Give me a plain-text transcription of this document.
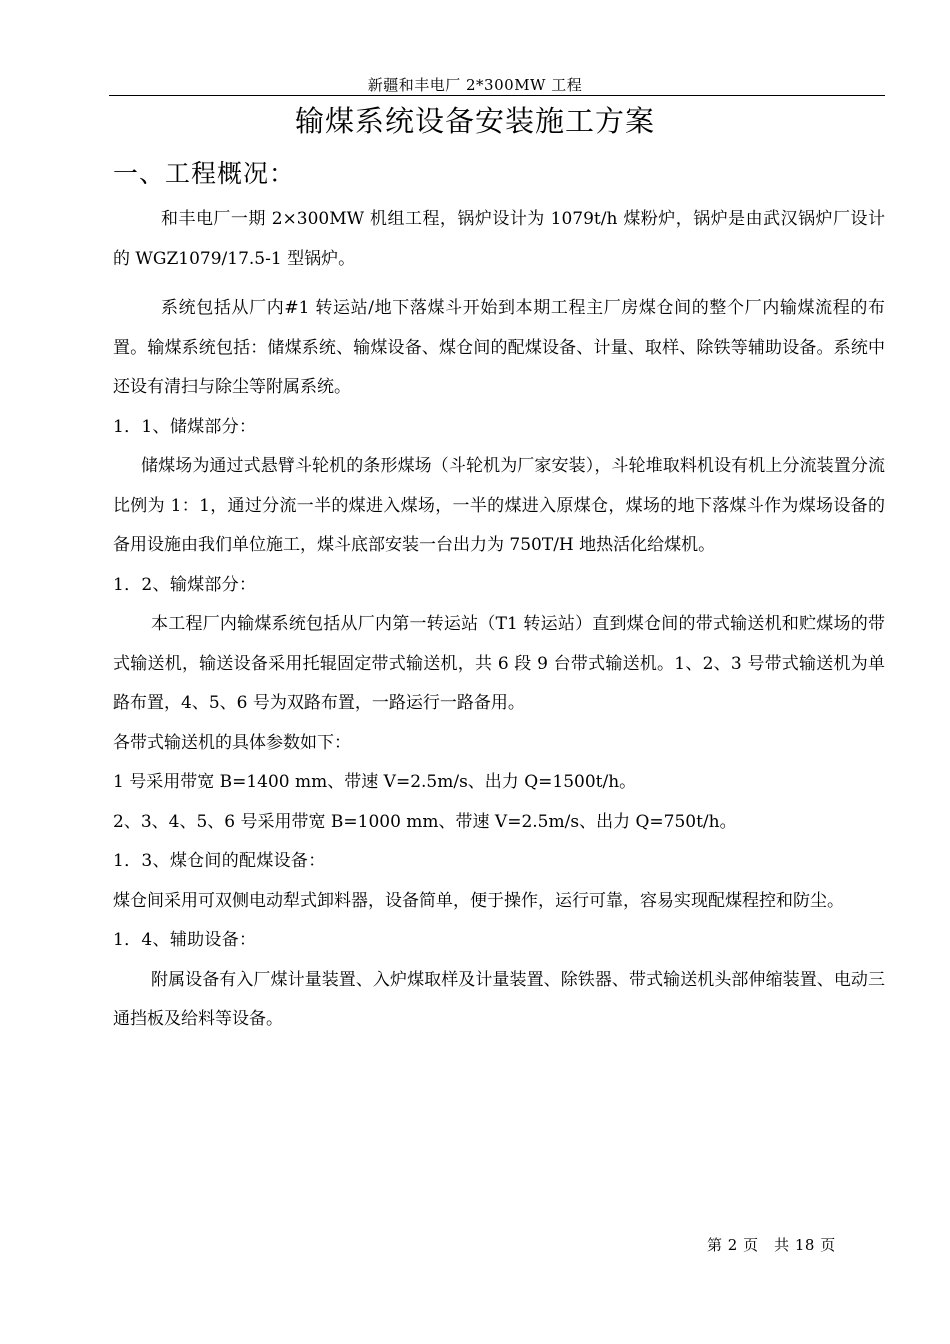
新疆和丰电厂 2*300MW 工程
输煤系统设备安装施工方案
一、工程概况：

和丰电厂一期 2×300MW 机组工程，锅炉设计为 1079t/h 煤粉炉，锅炉是由武汉锅炉厂设计的 WGZ1079/17.5-1 型锅炉。

系统包括从厂内#1 转运站/地下落煤斗开始到本期工程主厂房煤仓间的整个厂内输煤流程的布置。输煤系统包括：储煤系统、输煤设备、煤仓间的配煤设备、计量、取样、除铁等辅助设备。系统中还设有清扫与除尘等附属系统。

1．1、储煤部分：

储煤场为通过式悬臂斗轮机的条形煤场（斗轮机为厂家安装），斗轮堆取料机设有机上分流装置分流比例为 1：1，通过分流一半的煤进入煤场，一半的煤进入原煤仓，煤场的地下落煤斗作为煤场设备的备用设施由我们单位施工，煤斗底部安装一台出力为 750T/H 地热活化给煤机。

1．2、输煤部分：

本工程厂内输煤系统包括从厂内第一转运站（T1 转运站）直到煤仓间的带式输送机和贮煤场的带式输送机，输送设备采用托辊固定带式输送机，共 6 段 9 台带式输送机。1、2、3 号带式输送机为单路布置，4、5、6 号为双路布置，一路运行一路备用。

各带式输送机的具体参数如下：

1 号采用带宽 B=1400 mm、带速 V=2.5m/s、出力 Q=1500t/h。

2、3、4、5、6 号采用带宽 B=1000 mm、带速 V=2.5m/s、出力 Q=750t/h。

1．3、煤仓间的配煤设备：

煤仓间采用可双侧电动犁式卸料器，设备简单，便于操作，运行可靠，容易实现配煤程控和防尘。

1．4、辅助设备：

附属设备有入厂煤计量装置、入炉煤取样及计量装置、除铁器、带式输送机头部伸缩装置、电动三通挡板及给料等设备。

第 2 页　共 18 页
